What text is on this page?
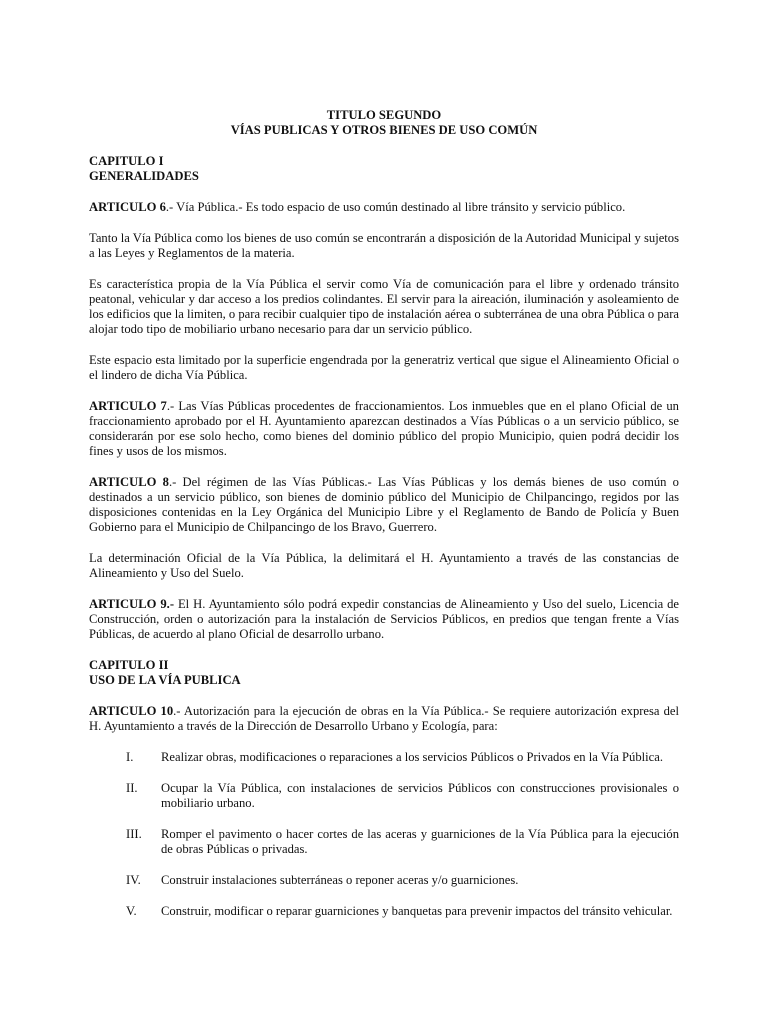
TITULO SEGUNDO

VÍAS PUBLICAS Y OTROS BIENES DE USO COMÚN

CAPITULO I

GENERALIDADES

ARTICULO 6.- Vía Pública.- Es todo espacio de uso común destinado al libre tránsito y servicio público.

Tanto la Vía Pública como los bienes de uso común se encontrarán a disposición de la Autoridad Municipal y sujetos a las Leyes y Reglamentos de la materia.

Es característica propia de la Vía Pública el servir como Vía de comunicación para el libre y ordenado tránsito peatonal, vehicular y dar acceso a los predios colindantes. El servir para la aireación, iluminación y asoleamiento de los edificios que la limiten, o para recibir cualquier tipo de instalación aérea o subterránea de una obra Pública o para alojar todo tipo de mobiliario urbano necesario para dar un servicio público.

Este espacio esta limitado por la superficie engendrada por la generatriz vertical que sigue el Alineamiento Oficial o el lindero de dicha Vía Pública.

ARTICULO 7.- Las Vías Públicas procedentes de fraccionamientos. Los inmuebles que en el plano Oficial de un fraccionamiento aprobado por el H. Ayuntamiento aparezcan destinados a Vías Públicas o a un servicio público, se considerarán por ese solo hecho, como bienes del dominio público del propio Municipio, quien podrá decidir los fines y usos de los mismos.

ARTICULO 8.- Del régimen de las Vías Públicas.- Las Vías Públicas y los demás bienes de uso común o destinados a un servicio público, son bienes de dominio público del Municipio de Chilpancingo, regidos por las disposiciones contenidas en la Ley Orgánica del Municipio Libre y el Reglamento de Bando de Policía y Buen Gobierno para el Municipio de Chilpancingo de los Bravo, Guerrero.

La determinación Oficial de la Vía Pública, la delimitará el H. Ayuntamiento a través de las constancias de Alineamiento y Uso del Suelo.

ARTICULO 9.- El H. Ayuntamiento sólo podrá expedir constancias de Alineamiento y Uso del suelo, Licencia de Construcción, orden o autorización para la instalación de Servicios Públicos, en predios que tengan frente a Vías Públicas, de acuerdo al plano Oficial de desarrollo urbano.

CAPITULO II

USO DE LA VÍA PUBLICA

ARTICULO 10.- Autorización para la ejecución de obras en la Vía Pública.- Se requiere autorización expresa del H. Ayuntamiento a través de la Dirección de Desarrollo Urbano y Ecología, para:

I. Realizar obras, modificaciones o reparaciones a los servicios Públicos o Privados en la Vía Pública.
II. Ocupar la Vía Pública, con instalaciones de servicios Públicos con construcciones provisionales o mobiliario urbano.
III. Romper el pavimento o hacer cortes de las aceras y guarniciones de la Vía Pública para la ejecución de obras Públicas o privadas.
IV. Construir instalaciones subterráneas o reponer aceras y/o guarniciones.
V. Construir, modificar o reparar guarniciones y banquetas para prevenir impactos del tránsito vehicular.
